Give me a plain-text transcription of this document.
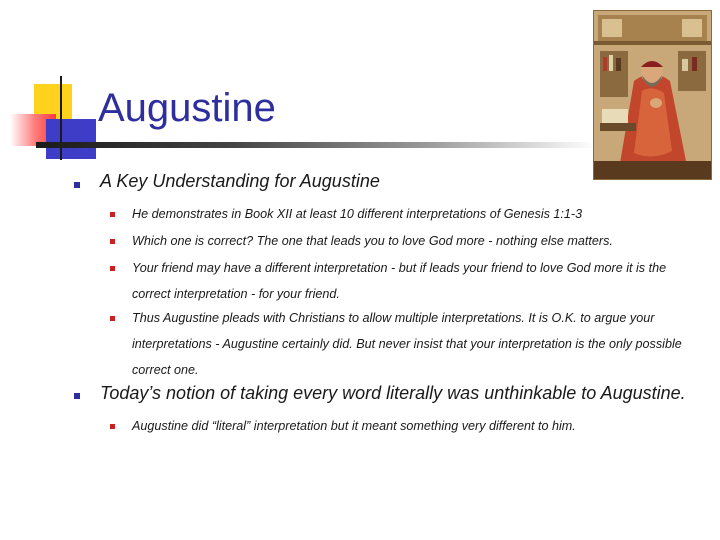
Augustine
A Key Understanding for Augustine
He demonstrates in Book XII at least 10 different interpretations of Genesis 1:1-3
Which one is correct? The one that leads you to love God more - nothing else matters.
Your friend may have a different interpretation - but if leads your friend to love God more it is the correct interpretation - for your friend.
Thus Augustine pleads with Christians to allow multiple interpretations. It is O.K. to argue your interpretations - Augustine certainly did. But never insist that your interpretation is the only possible correct one.
Today’s notion of taking every word literally was unthinkable to Augustine.
Augustine did “literal” interpretation but it meant something very different to him.
